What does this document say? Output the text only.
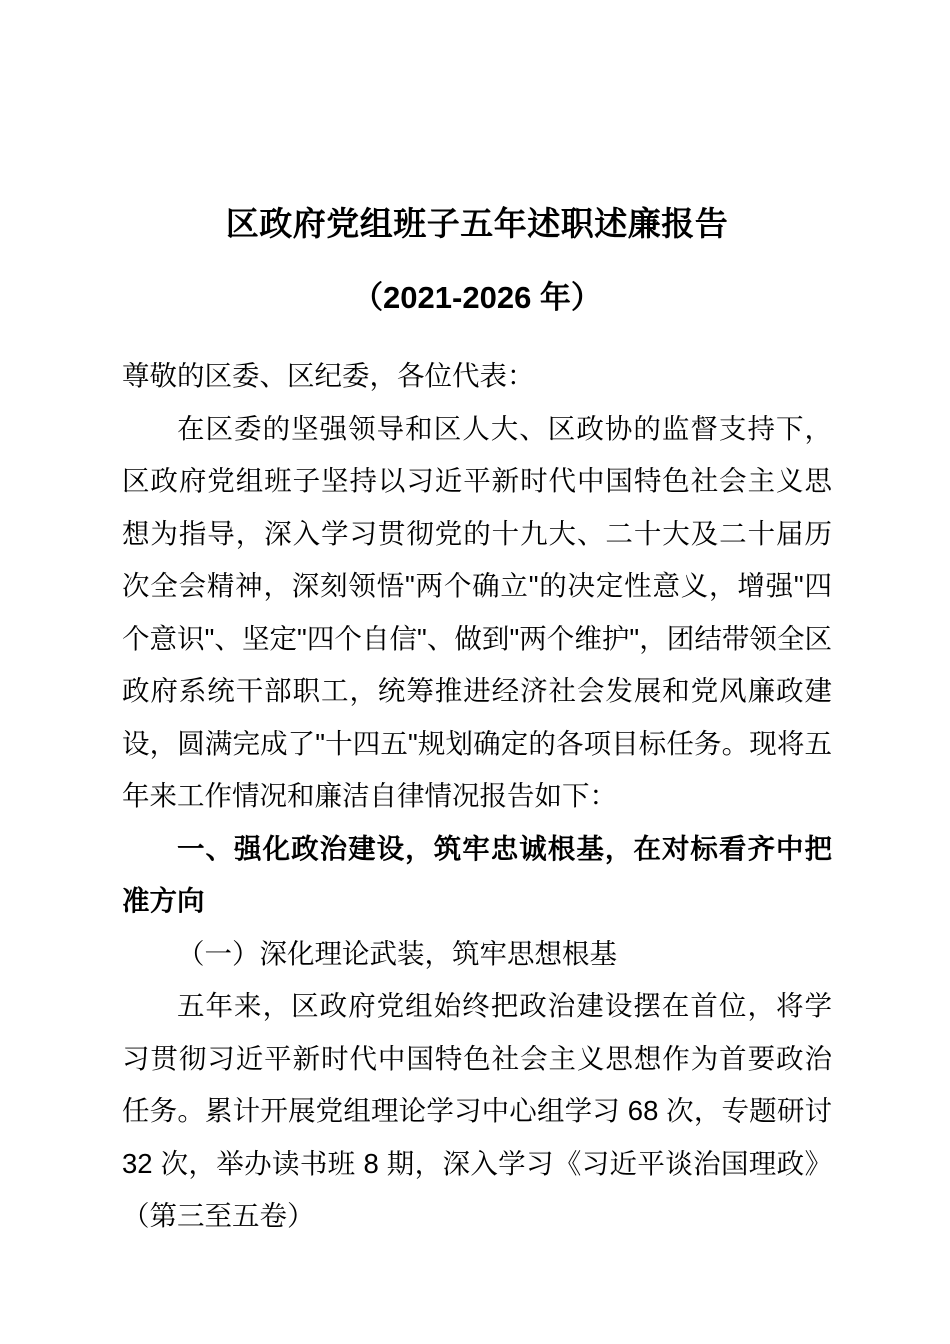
区政府党组班子五年述职述廉报告
（2021-2026 年）

尊敬的区委、区纪委，各位代表：

在区委的坚强领导和区人大、区政协的监督支持下，区政府党组班子坚持以习近平新时代中国特色社会主义思想为指导，深入学习贯彻党的十九大、二十大及二十届历次全会精神，深刻领悟"两个确立"的决定性意义，增强"四个意识"、坚定"四个自信"、做到"两个维护"，团结带领全区政府系统干部职工，统筹推进经济社会发展和党风廉政建设，圆满完成了"十四五"规划确定的各项目标任务。现将五年来工作情况和廉洁自律情况报告如下：

一、强化政治建设，筑牢忠诚根基，在对标看齐中把准方向

（一）深化理论武装，筑牢思想根基

五年来，区政府党组始终把政治建设摆在首位，将学习贯彻习近平新时代中国特色社会主义思想作为首要政治任务。累计开展党组理论学习中心组学习 68 次，专题研讨 32 次，举办读书班 8 期，深入学习《习近平谈治国理政》（第三至五卷）
